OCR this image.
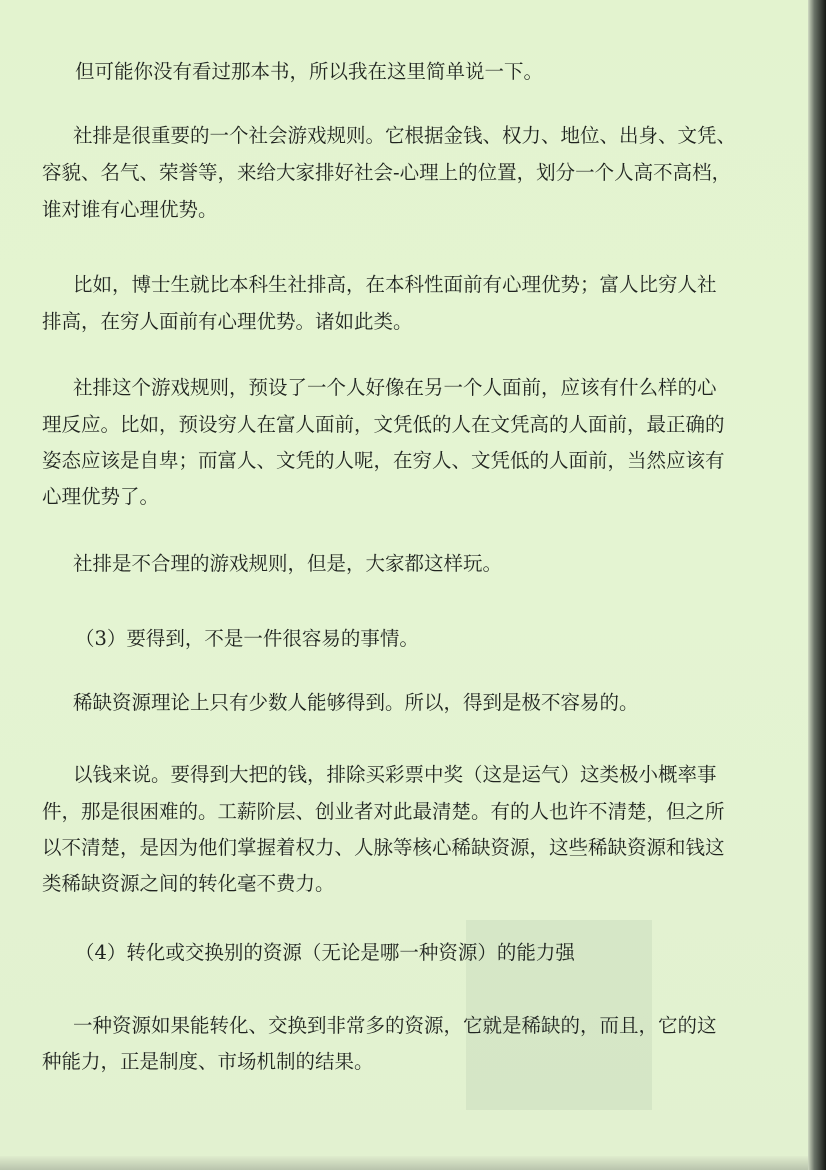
但可能你没有看过那本书，所以我在这里简单说一下。
社排是很重要的一个社会游戏规则。它根据金钱、权力、地位、出身、文凭、
容貌、名气、荣誉等，来给大家排好社会-心理上的位置，划分一个人高不高档，
谁对谁有心理优势。
比如，博士生就比本科生社排高，在本科性面前有心理优势；富人比穷人社
排高，在穷人面前有心理优势。诸如此类。
社排这个游戏规则，预设了一个人好像在另一个人面前，应该有什么样的心
理反应。比如，预设穷人在富人面前，文凭低的人在文凭高的人面前，最正确的
姿态应该是自卑；而富人、文凭的人呢，在穷人、文凭低的人面前，当然应该有
心理优势了。
社排是不合理的游戏规则，但是，大家都这样玩。
（3）要得到，不是一件很容易的事情。
稀缺资源理论上只有少数人能够得到。所以，得到是极不容易的。
以钱来说。要得到大把的钱，排除买彩票中奖（这是运气）这类极小概率事
件，那是很困难的。工薪阶层、创业者对此最清楚。有的人也许不清楚，但之所
以不清楚，是因为他们掌握着权力、人脉等核心稀缺资源，这些稀缺资源和钱这
类稀缺资源之间的转化毫不费力。
（4）转化或交换别的资源（无论是哪一种资源）的能力强
一种资源如果能转化、交换到非常多的资源，它就是稀缺的，而且，它的这
种能力，正是制度、市场机制的结果。
